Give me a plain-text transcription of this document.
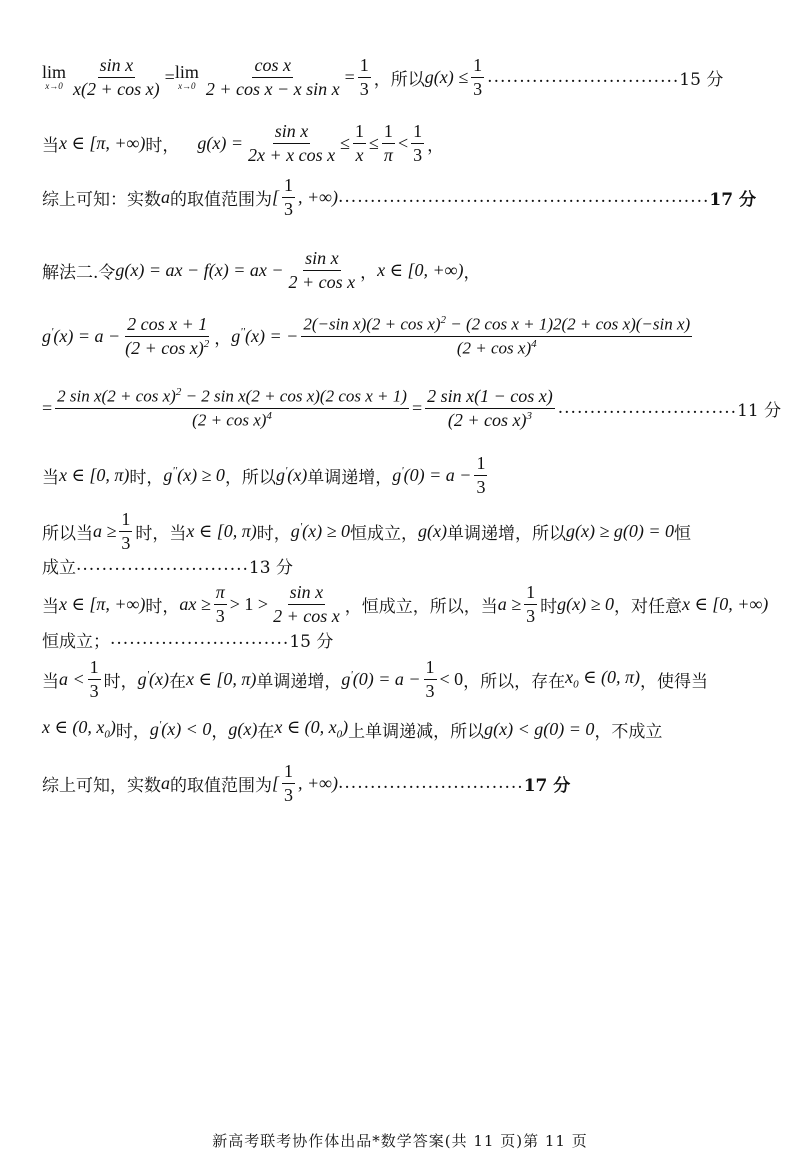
lim
$x\to 0 \frac{\text{sin x}}{\text{x(2 + cos x)}} = \lim$
$x\to 0 \frac{\text{cos x}}{\text{2 + cos x − x sin x}} = \frac{1}{3}$ ，所以 $g(x) \le \frac{1}{3}$ .............................. 15 分
当 x ∈ [π, +∞) 时， $g(x) = \frac{\text{sin x}}{\text{2x + x cos x}} \le \frac{1}{x} \le \frac{1}{\pi} < \frac{1}{3}$ ，
综上可知：实数 a 的取值范围为 [ $\frac{1}{3}$ , +∞) .......................................................... 17 分
解法二.令 g(x) = ax − f(x) = ax − $\frac{\text{sin x}}{\text{2 + cos x}}$ ， x ∈ [0, +∞) ，
$g'(x) = a - \frac{\text{2 cos x + 1}}{(2 + \cos x)^2}$ ， g''(x) = − $\frac{2(-\sin x)(2 + \cos x)^2 - (2 \cos x + 1)2(2 + \cos x)(-\sin x)}{(2 + \cos x)^4}$
= $\frac{2 \sin x(2 + \cos x)^2 - 2 \sin x(2 + \cos x)(2 \cos x + 1)}{(2 + \cos x)^4} = \frac{\text{2 sin x(1 − cos x)}}{(2 + \cos x)^3}$ ............................ 11 分
当 x ∈ [0, π) 时， g''(x) ≥ 0 ，所以 g'(x) 单调递增， $g'(0) = a - \frac{1}{3}$
所以当 $a \ge \frac{1}{3}$ 时，当 x ∈ [0, π) 时， g'(x) ≥ 0 恒成立， g(x) 单调递增，所以 g(x) ≥ g(0) = 0 恒
成立 ........................... 13 分
当 x ∈ [π, +∞) 时， ax ≥ $\frac{\pi}{3} > 1 > \frac{\text{sin x}}{\text{2 + cos x}}$ ，恒成立，所以，当 $a \ge \frac{1}{3}$ 时 g(x) ≥ 0 ，对任意 x ∈ [0, +∞)
恒成立； ............................ 15 分
当 $a < \frac{1}{3}$ 时， g'(x) 在 x ∈ [0, π) 单调递增， $g'(0) = a - \frac{1}{3} < 0$ ，所以，存在 $x_0$ ∈ (0, π) ，使得当
x ∈ (0, $x_0$) 时， g'(x) < 0 ， g(x) 在 x ∈ (0, $x_0$) 上单调递减，所以 g(x) < g(0) = 0 ，不成立
综上可知，实数 a 的取值范围为 [ $\frac{1}{3}$ , +∞) ............................. 17 分
新高考联考协作体出品*数学答案(共 11 页)第 11 页
